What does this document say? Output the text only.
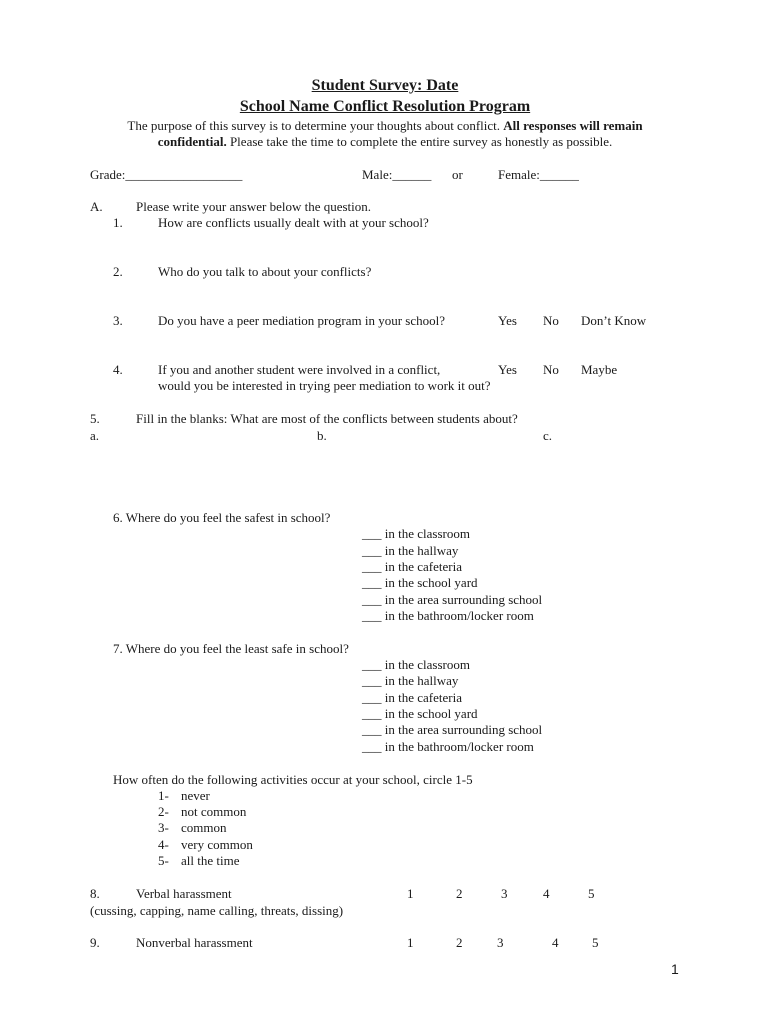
Student Survey: Date
School Name Conflict Resolution Program
The purpose of this survey is to determine your thoughts about conflict. All responses will remain
confidential. Please take the time to complete the entire survey as honestly as possible.
Grade:__________________	Male:______ or	Female:______
A.	Please write your answer below the question.
1.	How are conflicts usually dealt with at your school?
2.	Who do you talk to about your conflicts?
3.	Do you have a peer mediation program in your school?	Yes No Don’t Know
4.	If you and another student were involved in a conflict,
would you be interested in trying peer mediation to work it out?
Yes No Maybe
5.	Fill in the blanks: What are most of the conflicts between students about?
a.	b.	c.
6. Where do you feel the safest in school?
___ in the classroom
___ in the hallway
___ in the cafeteria
___ in the school yard
___ in the area surrounding school
___ in the bathroom/locker room
7. Where do you feel the least safe in school?
___ in the classroom
___ in the hallway
___ in the cafeteria
___ in the school yard
___ in the area surrounding school
___ in the bathroom/locker room
How often do the following activities occur at your school, circle 1-5
1- never
2- not common
3- common
4- very common
5- all the time
8.	Verbal harassment
(cussing, capping, name calling, threats, dissing)
1	2	3	4	5
9.	Nonverbal harassment	1	2	3	4	5
1
